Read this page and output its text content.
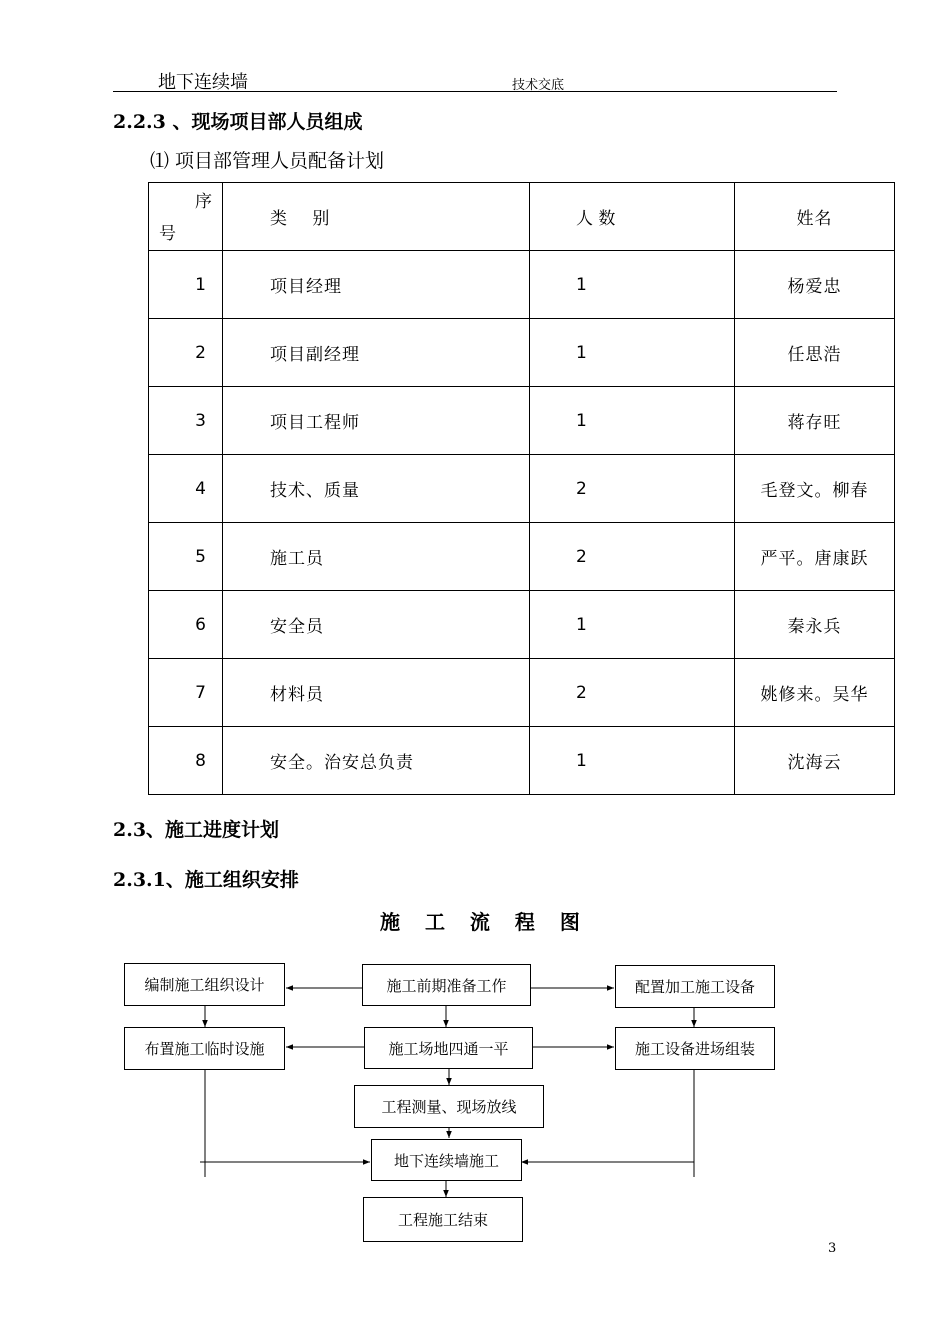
地下连续墙	技术交底
2.2.3 、现场项目部人员组成
⑴ 项目部管理人员配备计划
序
号	类　 别	人 数	姓名
1	项目经理	1	杨爱忠
2	项目副经理	1	任思浩
3	项目工程师	1	蒋存旺
4	技术、质量	2	毛登文。柳春
5	施工员	2	严平。唐康跃
6	安全员	1	秦永兵
7	材料员	2	姚修来。吴华
8	安全。治安总负责	1	沈海云
2.3、施工进度计划
2.3.1、施工组织安排
施 工 流 程 图
编制施工组织设计	施工前期准备工作	配置加工施工设备
布置施工临时设施	施工场地四通一平	施工设备进场组装
工程测量、现场放线
地下连续墙施工
工程施工结束
3
